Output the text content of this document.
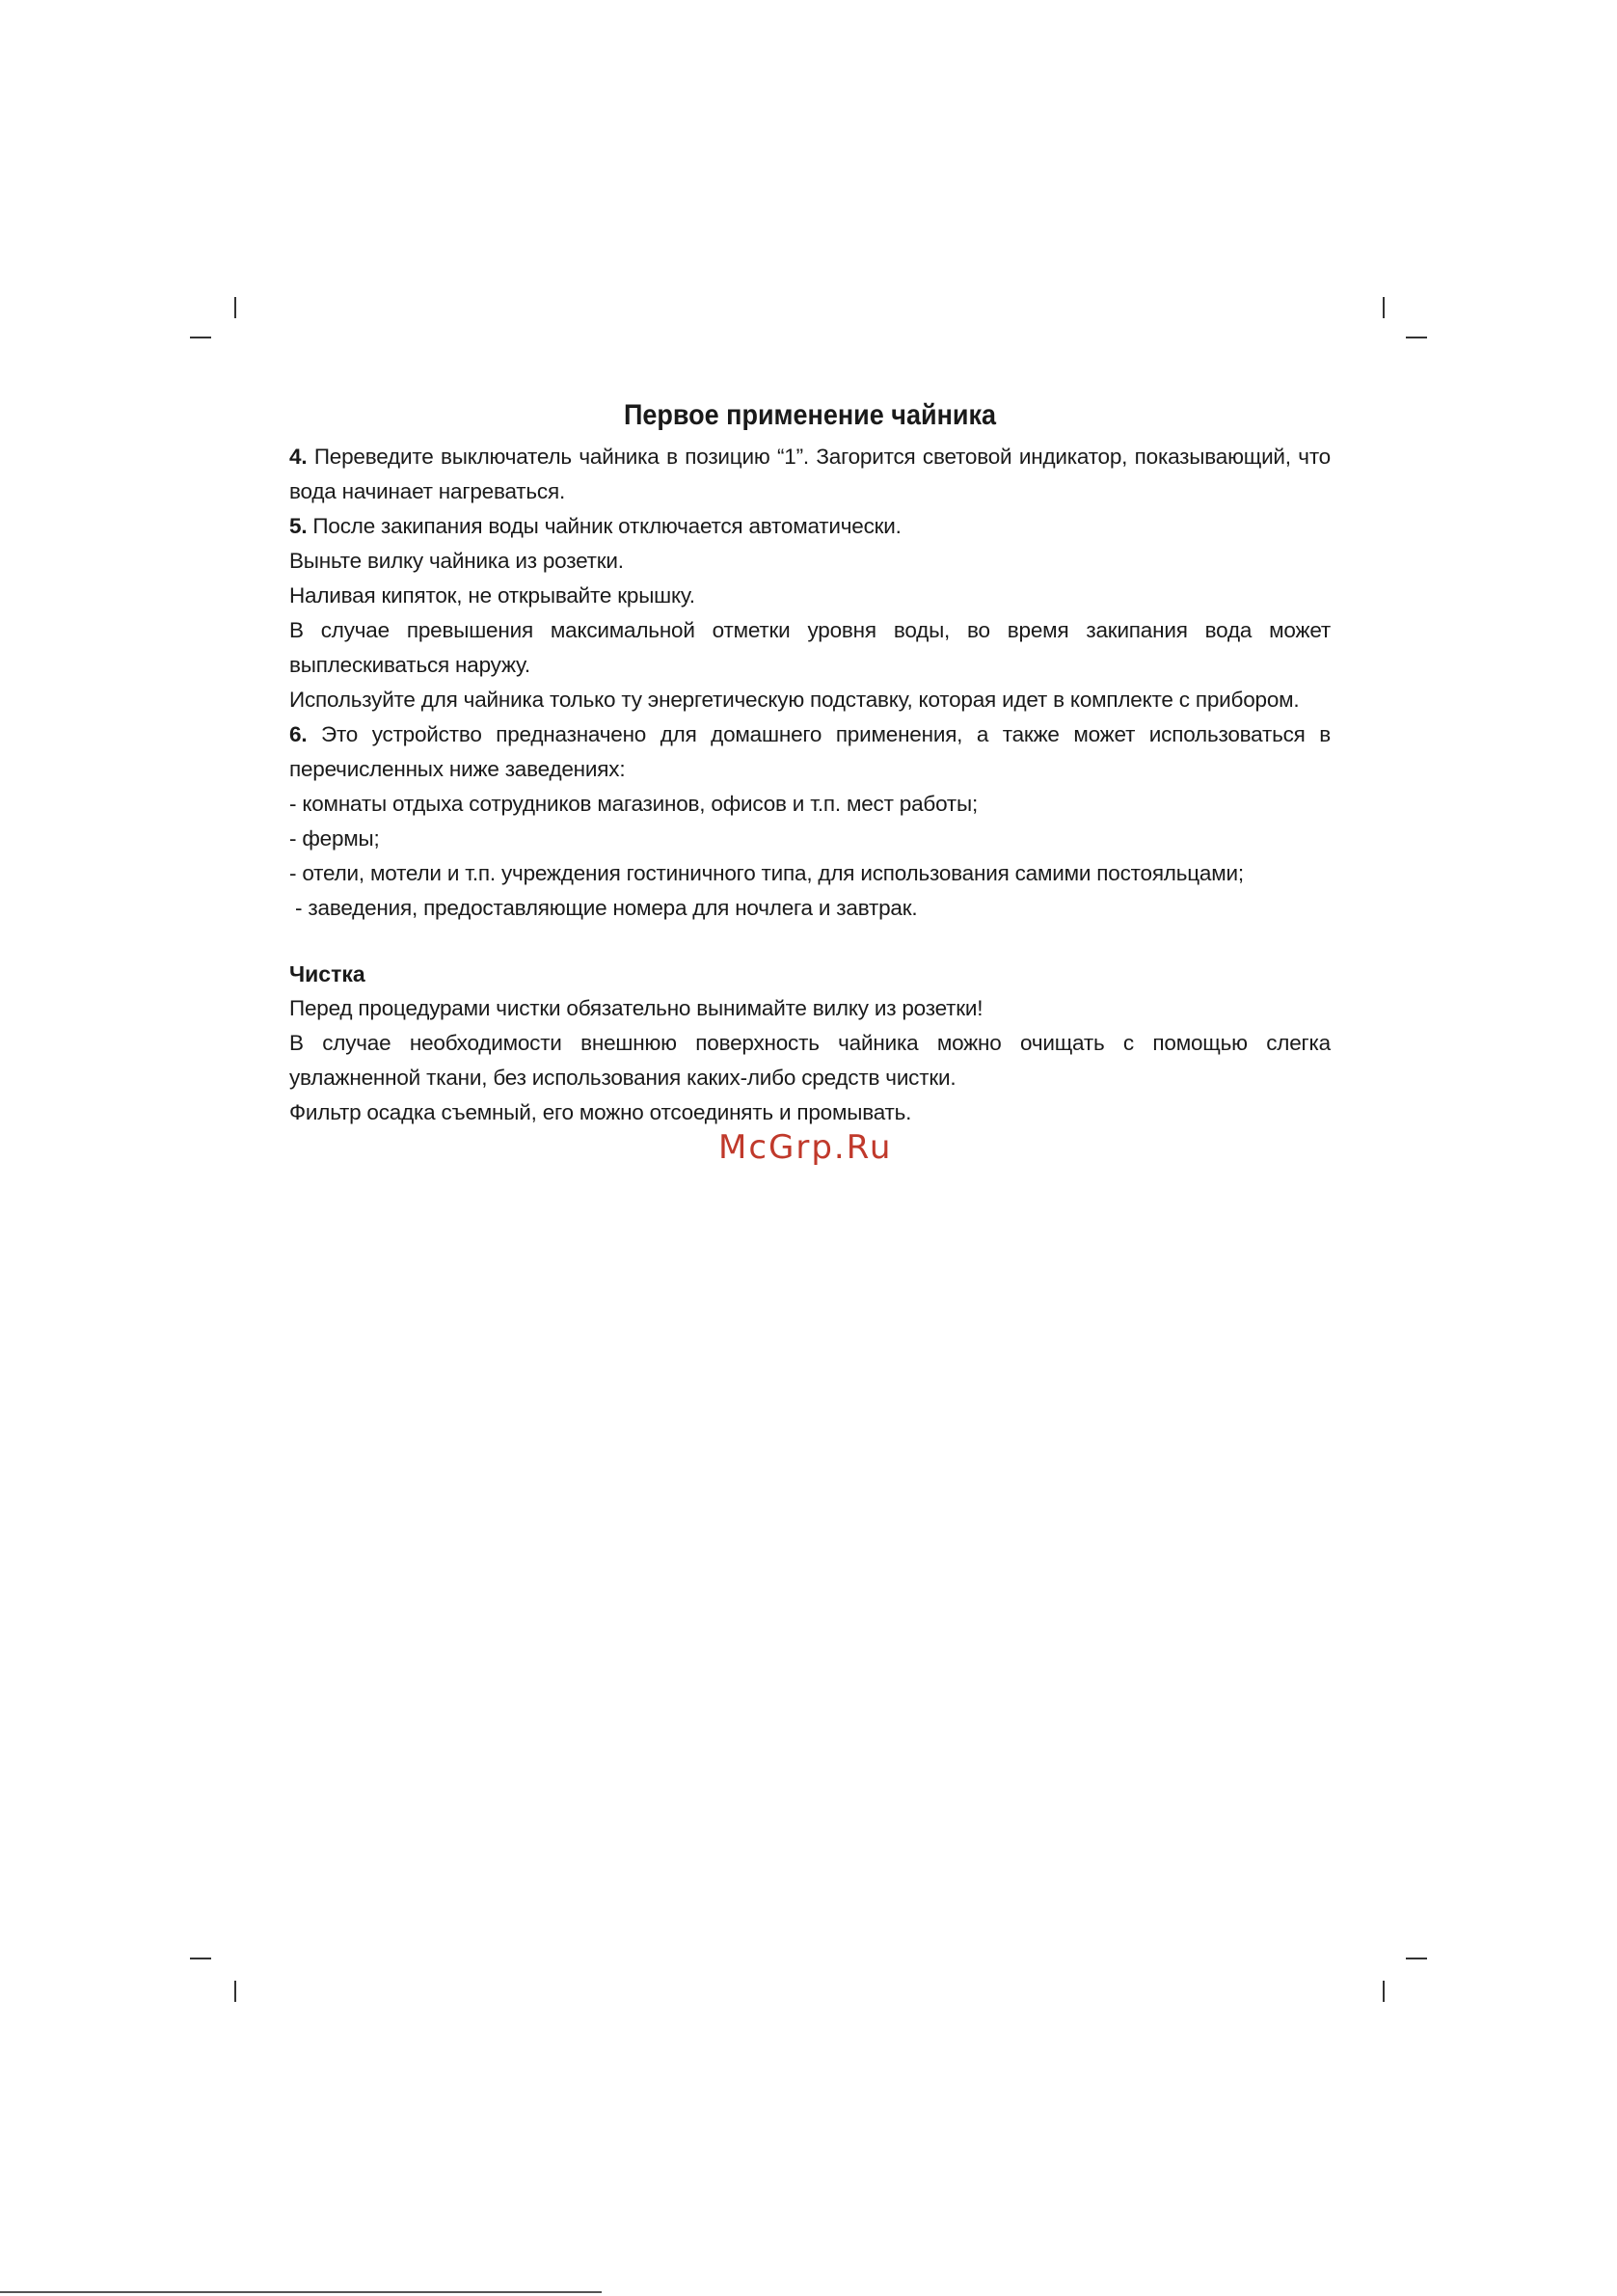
Первое применение чайника

4. Переведите выключатель чайника в позицию “1”. Загорится световой индикатор, показывающий, что вода начинает нагреваться.

5. После закипания воды чайник отключается автоматически.

Выньте вилку чайника из розетки.

Наливая кипяток, не открывайте крышку.

В случае превышения максимальной отметки уровня воды, во время закипания вода может выплескиваться наружу.

Используйте для чайника только ту энергетическую подставку, которая идет в комплекте с прибором.

6. Это устройство предназначено для домашнего применения, а также может использоваться в перечисленных ниже заведениях:

- комнаты отдыха сотрудников магазинов, офисов и т.п. мест работы;

- фермы;

- отели, мотели и т.п. учреждения гостиничного типа, для использования самими постояльцами;

- заведения, предоставляющие номера для ночлега и завтрак.

Чистка

Перед процедурами чистки обязательно вынимайте вилку из розетки!

В случае необходимости внешнюю поверхность чайника можно очищать с помощью слегка увлажненной ткани, без использования каких-либо средств чистки.

Фильтр осадка съемный, его можно отсоединять и промывать.

McGrp.Ru
